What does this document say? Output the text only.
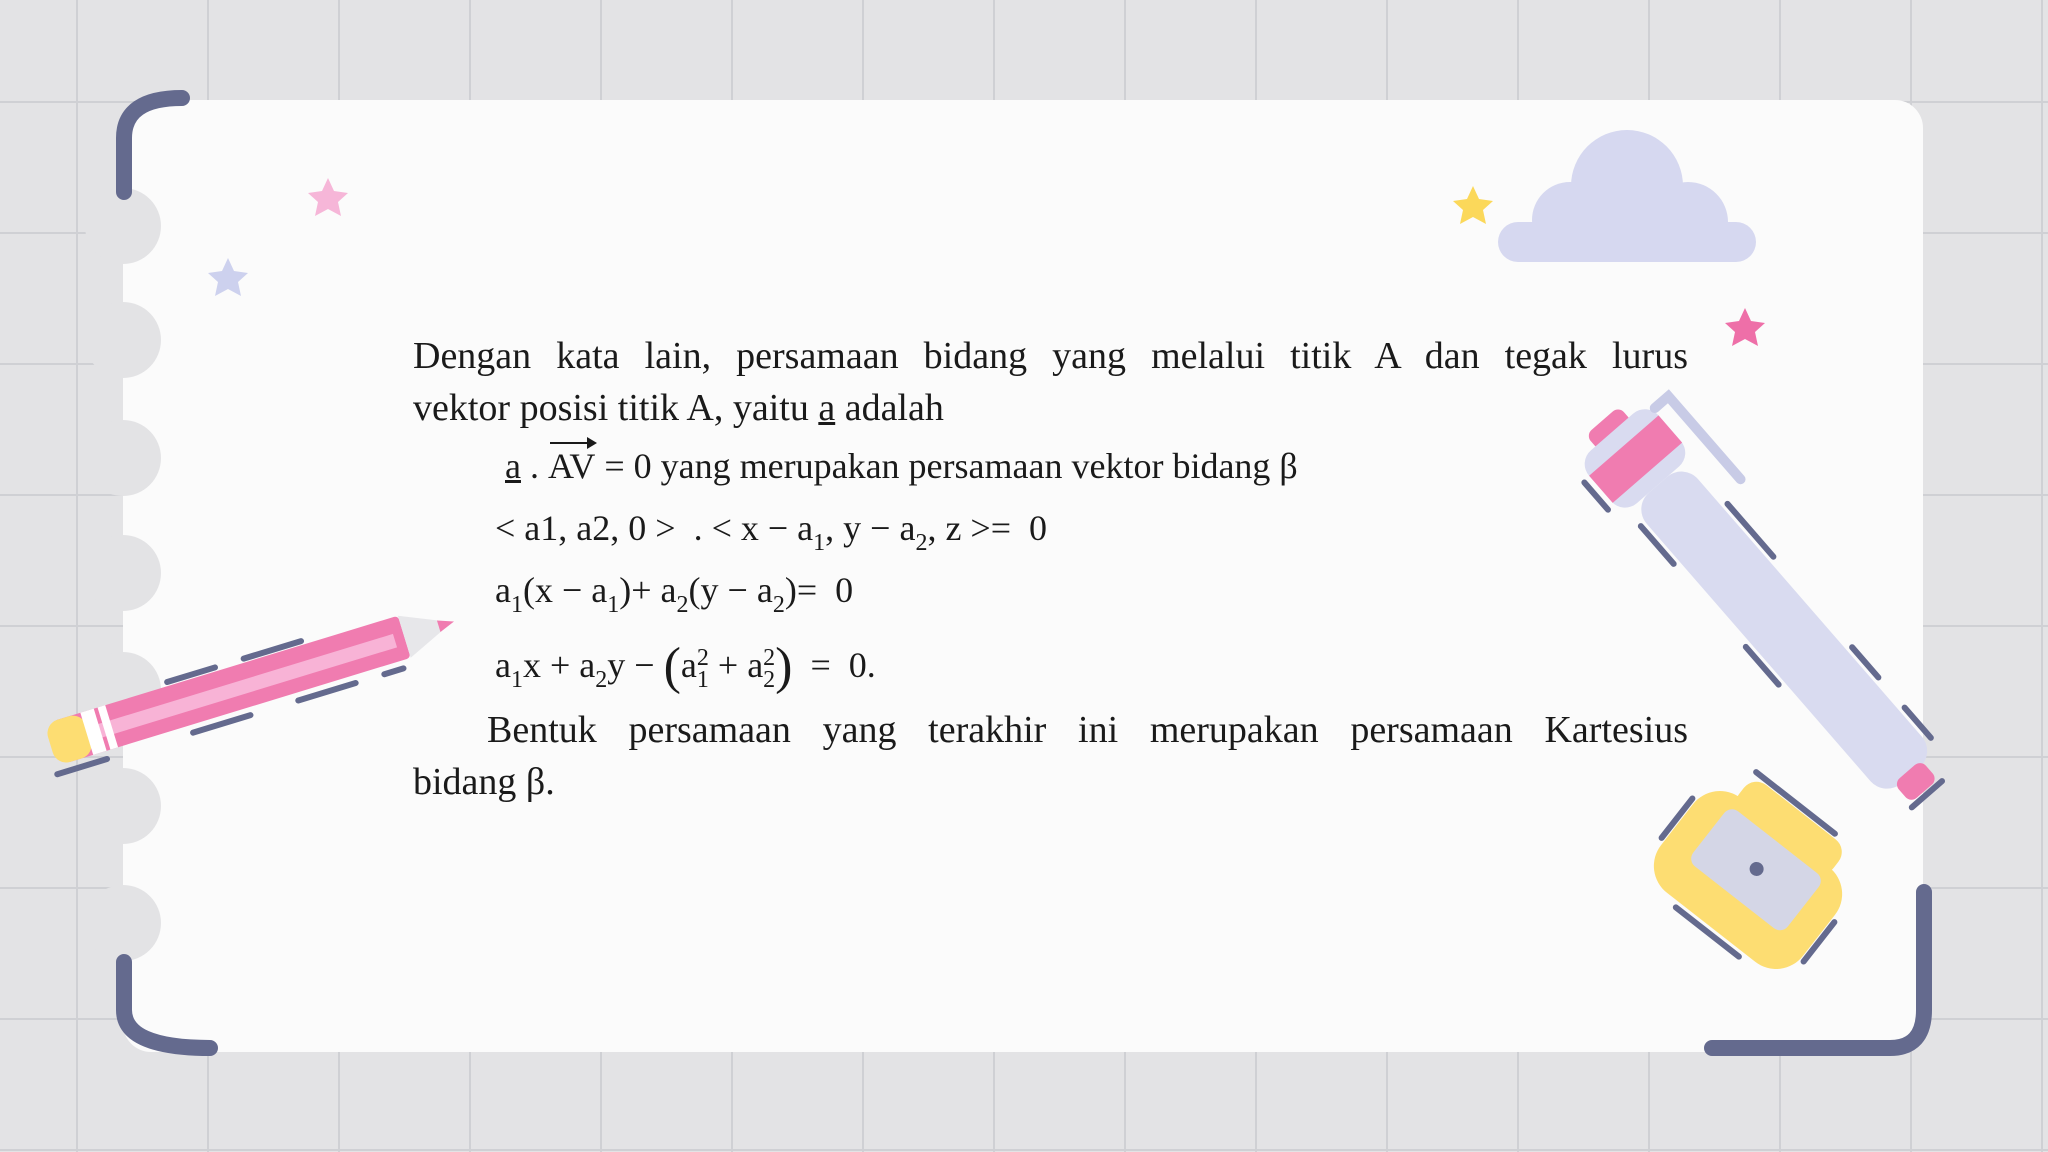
Dengan kata lain, persamaan bidang yang melalui titik A dan tegak lurus
vektor posisi titik A, yaitu a adalah
a . AV = 0 yang merupakan persamaan vektor bidang β
< a1, a2, 0 >  . < x − a1, y − a2, z >=  0
a1(x − a1)+ a2(y − a2)=  0
a1x + a2y − (a 2
1 + a 2
2 )  =  0.
Bentuk persamaan yang terakhir ini merupakan persamaan Kartesius
bidang β.
